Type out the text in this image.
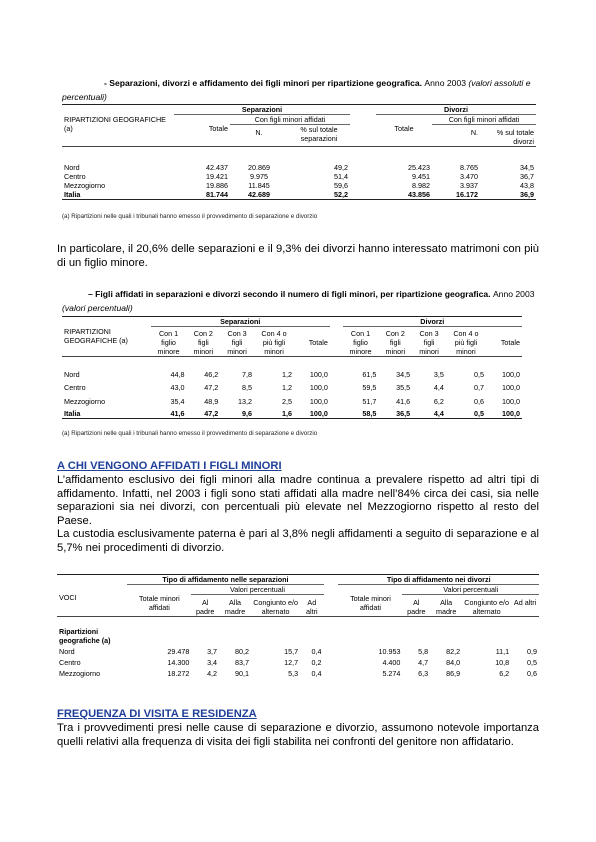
- Separazioni, divorzi e affidamento dei figli minori per ripartizione geografica. Anno 2003 (valori assoluti e percentuali)
RIPARTIZIONI GEOGRAFICHE (a)	Separazioni				Divorzi		
	Totale	Con figli minori affidati			Totale	Con figli minori affidati	
		N.	% sul totale separazioni			N.	% sul totale divorzi

Nord	42.437	20.869	49,2		25.423	8.765	34,5
Centro	19.421	9.975	51,4		9.451	3.470	36,7
Mezzogiorno	19.886	11.845	59,6		8.982	3.937	43,8
Italia	81.744	42.689	52,2		43.856	16.172	36,9
(a) Ripartizioni nelle quali i tribunali hanno emesso il provvedimento di separazione e divorzio
In particolare, il 20,6% delle separazioni e il 9,3% dei divorzi hanno interessato matrimoni con più di un figlio minore.
– Figli affidati in separazioni e divorzi secondo il numero di figli minori, per ripartizione geografica. Anno 2003 (valori percentuali)
RIPARTIZIONI GEOGRAFICHE (a)	Separazioni						Divorzi				
	Con 1 figlio minore	Con 2 figli minori	Con 3 figli minori	Con 4 o più figli minori	Totale		Con 1 figlio minore	Con 2 figli minori	Con 3 figli minori	Con 4 o più figli minori	Totale

Nord	44,8	46,2	7,8	1,2	100,0		61,5	34,5	3,5	0,5	100,0
Centro	43,0	47,2	8,5	1,2	100,0		59,5	35,5	4,4	0,7	100,0
Mezzogiorno	35,4	48,9	13,2	2,5	100,0		51,7	41,6	6,2	0,6	100,0
Italia	41,6	47,2	9,6	1,6	100,0		58,5	36,5	4,4	0,5	100,0
(a) Ripartizioni nelle quali i tribunali hanno emesso il provvedimento di separazione e divorzio
A CHI VENGONO AFFIDATI I FIGLI MINORI
L’affidamento esclusivo dei figli minori alla madre continua a prevalere rispetto ad altri tipi di affidamento. Infatti, nel 2003 i figli sono stati affidati alla madre nell’84% circa dei casi, sia nelle separazioni sia nei divorzi, con percentuali più elevate nel Mezzogiorno rispetto al resto del Paese.
La custodia esclusivamente paterna è pari al 3,8% negli affidamenti a seguito di separazione e al 5,7% nei procedimenti di divorzio.
VOCI	Tipo di affidamento nelle separazioni						Tipo di affidamento nei divorzi				
	Totale minori affidati	Valori percentuali					Totale minori affidati	Valori percentuali			
		Al padre	Alla madre	Congiunto e/o alternato	Ad altri			Al padre	Alla madre	Congiunto e/o alternato	Ad altri

Ripartizioni geografiche (a)											

Nord	29.478	3,7	80,2	15,7	0,4		10.953	5,8	82,2	11,1	0,9
Centro	14.300	3,4	83,7	12,7	0,2		4.400	4,7	84,0	10,8	0,5
Mezzogiorno	18.272	4,2	90,1	5,3	0,4		5.274	6,3	86,9	6,2	0,6
FREQUENZA DI VISITA E RESIDENZA
Tra i provvedimenti presi nelle cause di separazione e divorzio, assumono notevole importanza quelli relativi alla frequenza di visita dei figli stabilita nei confronti del genitore non affidatario.
